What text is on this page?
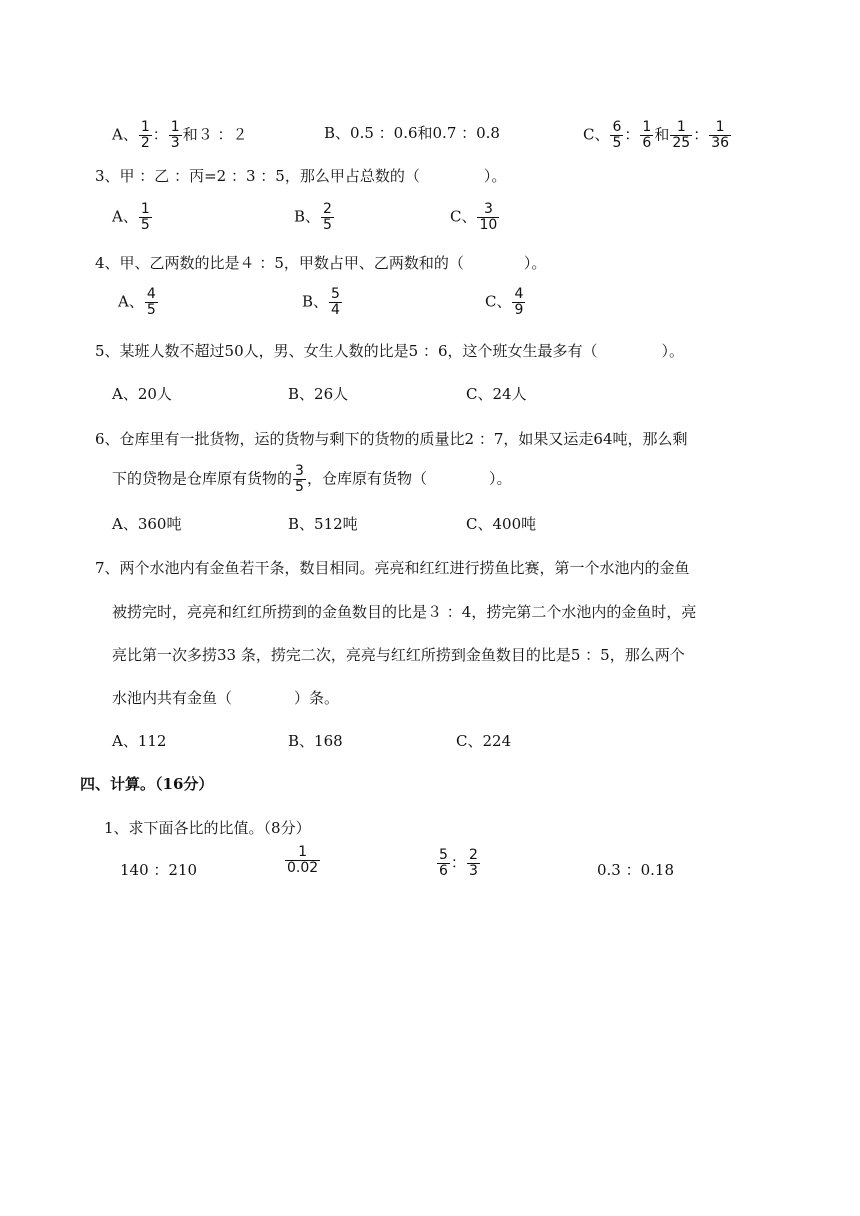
A、 $\frac{1}{2}$ ： $\frac{1}{3}$ 和３ ：２	B、0.5 ：0.6和0.7 ：0.8	C、 $\frac{6}{5}$ ： $\frac{1}{6}$ 和 $\frac{1}{25}$ ： $\frac{1}{36}$
3、甲 ：乙 ：丙=2 ：3 ：5，那么甲占总数的（	）。
A、 $\frac{1}{5}$	B、 $\frac{2}{5}$	C、 $\frac{3}{10}$
4、甲、乙两数的比是４ ：5，甲数占甲、乙两数和的（	）。
A、 $\frac{4}{5}$	B、 $\frac{5}{4}$	C、 $\frac{4}{9}$
5、某班人数不超过50人，男、女生人数的比是5 ：6，这个班女生最多有（	）。
A、20人	B、26人	C、24人
6、仓库里有一批货物，运的货物与剩下的货物的质量比2 ：7，如果又运走64吨，那么剩
下的贷物是仓库原有货物的 $\frac{3}{5}$ ，仓库原有货物（	）。
A、360吨	B、512吨	C、400吨
7、两个水池内有金鱼若干条，数目相同。亮亮和红红进行捞鱼比赛，第一个水池内的金鱼
被捞完时，亮亮和红红所捞到的金鱼数目的比是３ ：4，捞完第二个水池内的金鱼时，亮
亮比第一次多捞33 条，捞完二次，亮亮与红红所捞到金鱼数目的比是5 ：5，那么两个
水池内共有金鱼（	）条。
A、112	B、168	C、224
四、计算。（16分）
1、求下面各比的比值。（8分）
140 ：210	$\frac{1}{0.02}$	$\frac{5}{6}$ ： $\frac{2}{3}$	0.3 ：0.18
